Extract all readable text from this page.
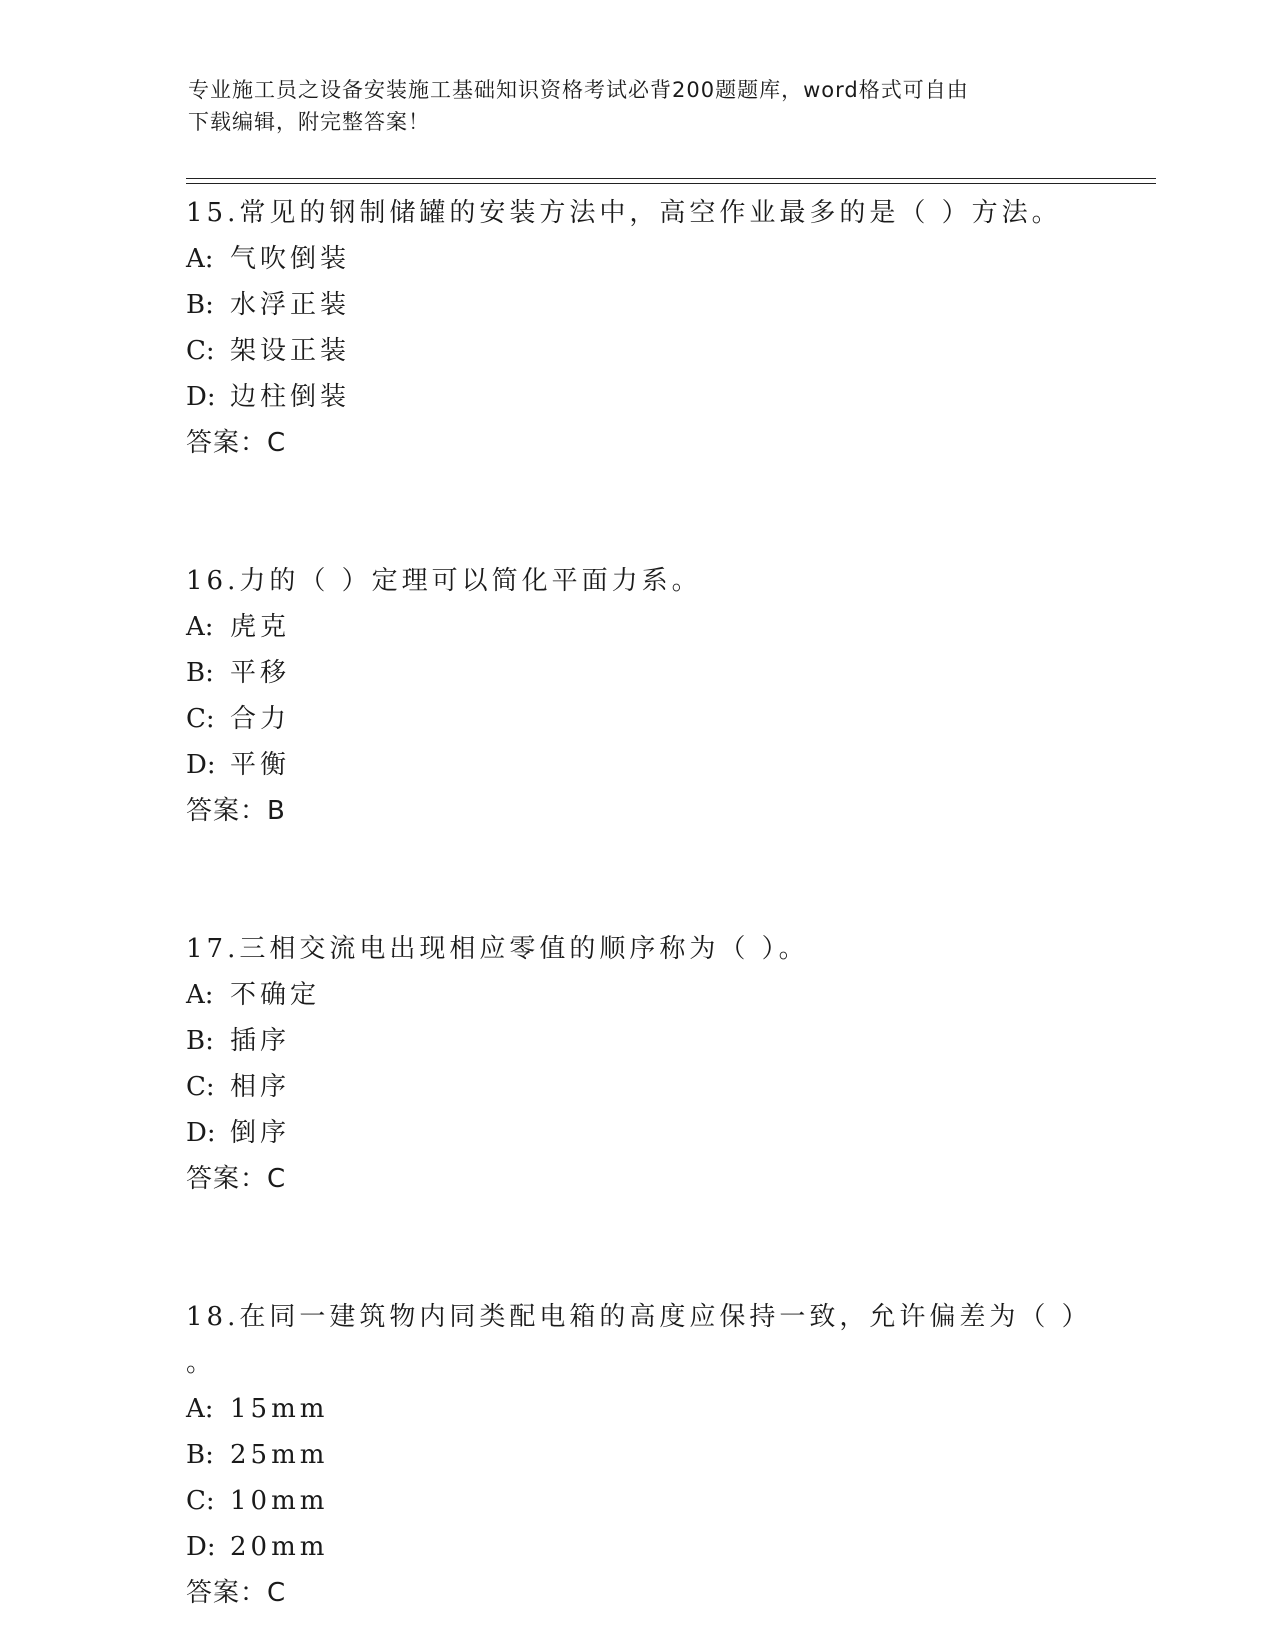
专业施工员之设备安装施工基础知识资格考试必背200题题库，word格式可自由
下载编辑，附完整答案！
15.常见的钢制储罐的安装方法中，高空作业最多的是（ ）方法。
A: 气吹倒装
B: 水浮正装
C: 架设正装
D: 边柱倒装
答案：C
16.力的（ ）定理可以简化平面力系。
A: 虎克
B: 平移
C: 合力
D: 平衡
答案：B
17.三相交流电出现相应零值的顺序称为（ ）。
A: 不确定
B: 插序
C: 相序
D: 倒序
答案：C
18.在同一建筑物内同类配电箱的高度应保持一致，允许偏差为（ ）
。
A: 15mm
B: 25mm
C: 10mm
D: 20mm
答案：C
